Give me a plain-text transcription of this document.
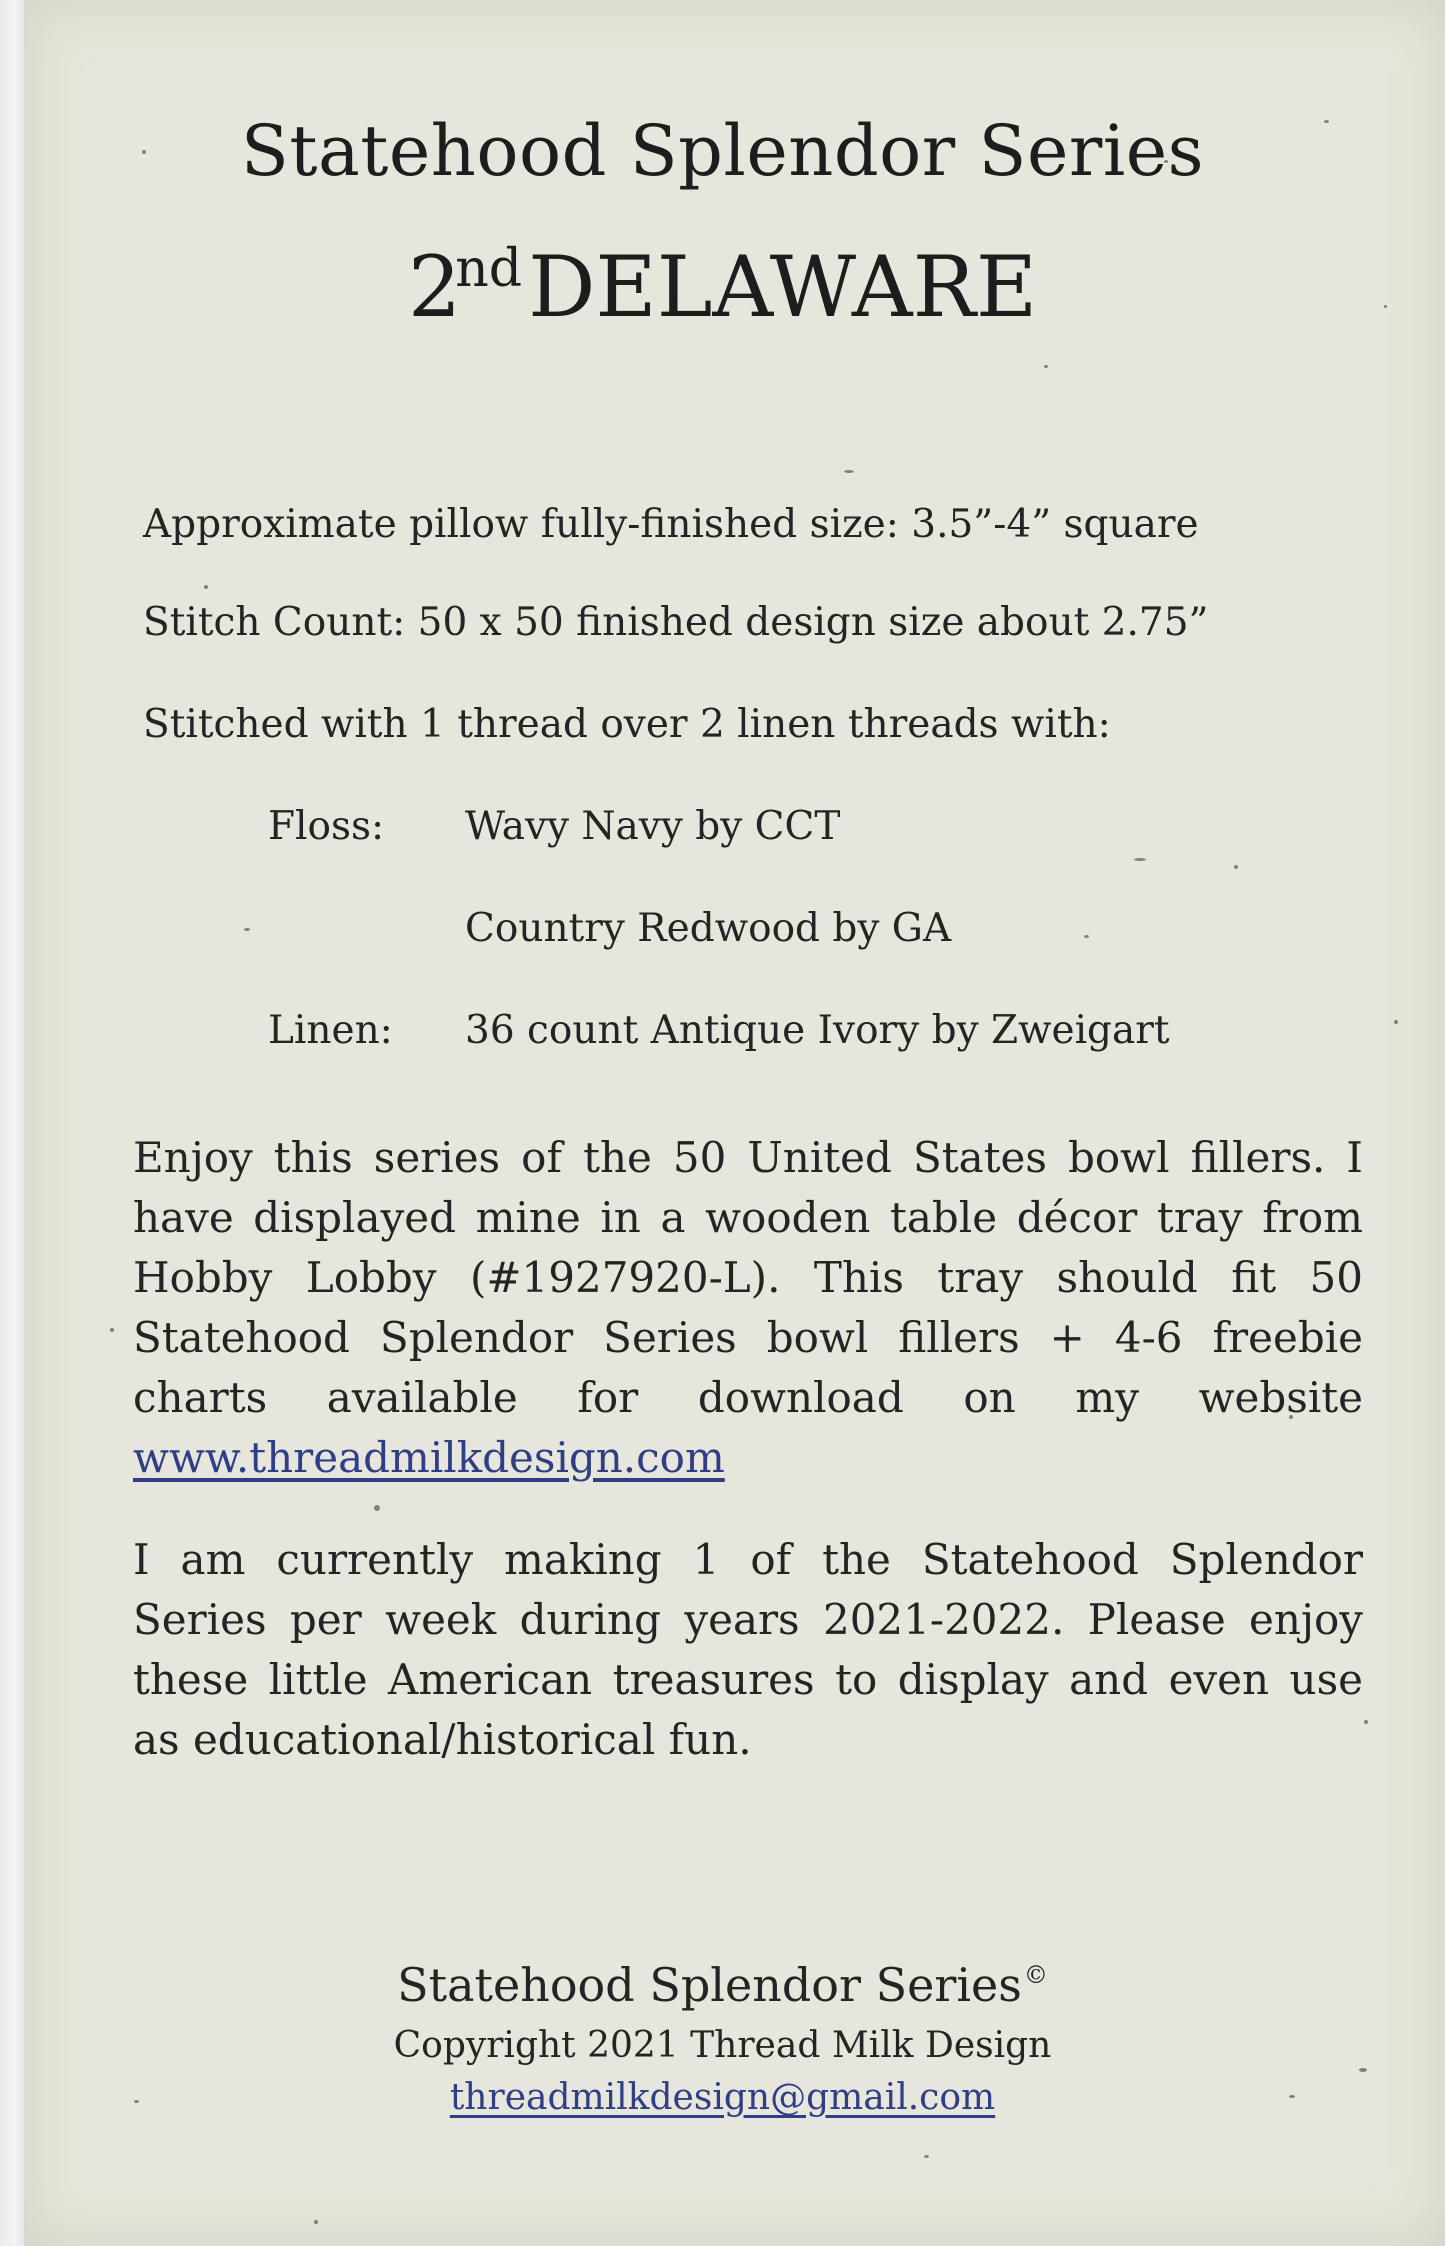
Statehood Splendor Series
2ndDELAWARE
Approximate pillow fully-finished size: 3.5”-4” square
Stitch Count: 50 x 50 finished design size about 2.75”
Stitched with 1 thread over 2 linen threads with:
Floss: Wavy Navy by CCT
Country Redwood by GA
Linen: 36 count Antique Ivory by Zweigart
Enjoy this series of the 50 United States bowl fillers. I have displayed mine in a wooden table décor tray from Hobby Lobby (#1927920-L). This tray should fit 50 Statehood Splendor Series bowl fillers + 4-6 freebie charts available for download on my website www.threadmilkdesign.com
I am currently making 1 of the Statehood Splendor Series per week during years 2021-2022. Please enjoy these little American treasures to display and even use as educational/historical fun.
Statehood Splendor Series©
Copyright 2021 Thread Milk Design
threadmilkdesign@gmail.com
